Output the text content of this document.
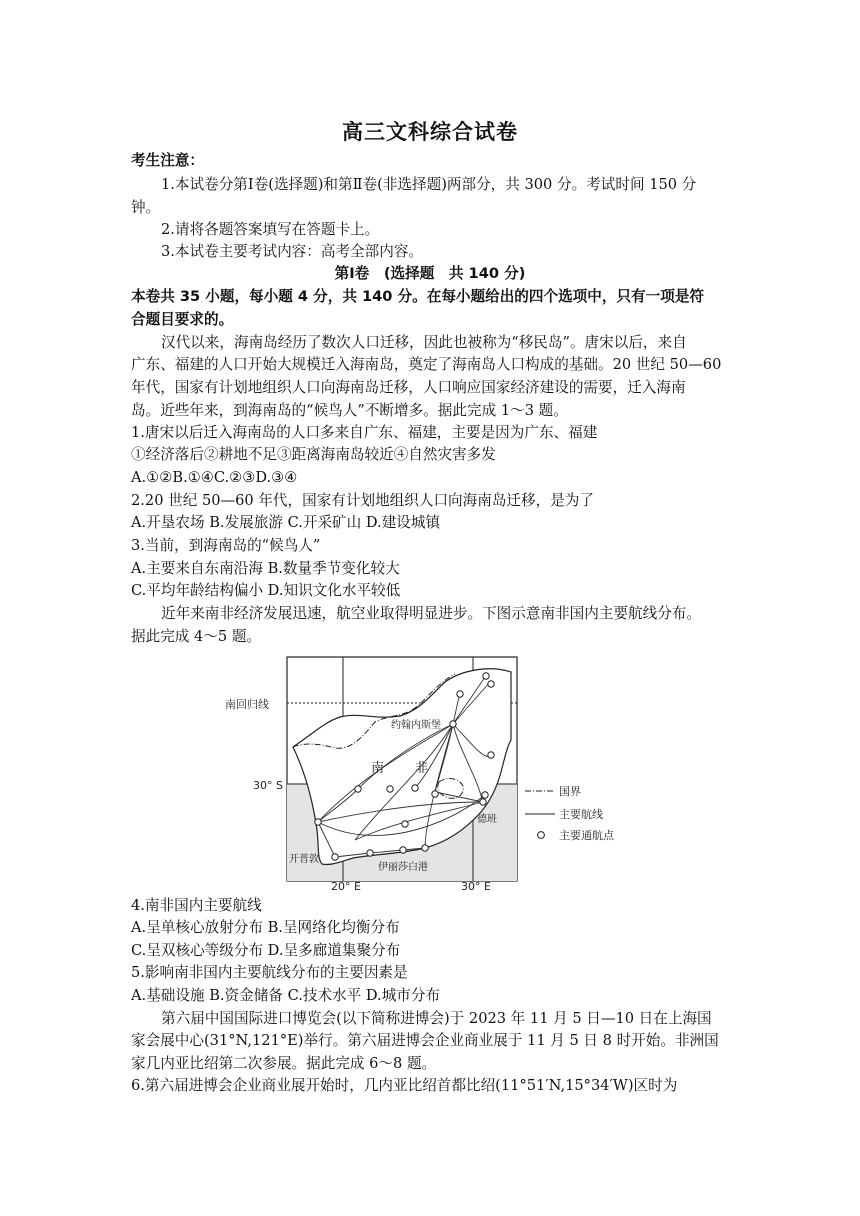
高三文科综合试卷
考生注意：
1.本试卷分第Ⅰ卷(选择题)和第Ⅱ卷(非选择题)两部分，共 300 分。考试时间 150 分
钟。
2.请将各题答案填写在答题卡上。
3.本试卷主要考试内容：高考全部内容。
第Ⅰ卷　(选择题　共 140 分)
本卷共 35 小题，每小题 4 分，共 140 分。在每小题给出的四个选项中，只有一项是符
合题目要求的。
汉代以来，海南岛经历了数次人口迁移，因此也被称为“移民岛”。唐宋以后，来自
广东、福建的人口开始大规模迁入海南岛，奠定了海南岛人口构成的基础。20 世纪 50—60
年代，国家有计划地组织人口向海南岛迁移，人口响应国家经济建设的需要，迁入海南
岛。近些年来，到海南岛的“候鸟人”不断增多。据此完成 1～3 题。
1.唐宋以后迁入海南岛的人口多来自广东、福建，主要是因为广东、福建
①经济落后②耕地不足③距离海南岛较近④自然灾害多发
A.①②B.①④C.②③D.③④
2.20 世纪 50—60 年代，国家有计划地组织人口向海南岛迁移，是为了
A.开垦农场 B.发展旅游 C.开采矿山 D.建设城镇
3.当前，到海南岛的“候鸟人”
A.主要来自东南沿海 B.数量季节变化较大
C.平均年龄结构偏小 D.知识文化水平较低
近年来南非经济发展迅速，航空业取得明显进步。下图示意南非国内主要航线分布。
据此完成 4～5 题。
南回归线
30° S
20° E	30° E
约翰内斯堡
南 非
德班
开普敦
伊丽莎白港
国界
主要航线
主要通航点
4.南非国内主要航线
A.呈单核心放射分布 B.呈网络化均衡分布
C.呈双核心等级分布 D.呈多廊道集聚分布
5.影响南非国内主要航线分布的主要因素是
A.基础设施 B.资金储备 C.技术水平 D.城市分布
第六届中国国际进口博览会(以下简称进博会)于 2023 年 11 月 5 日—10 日在上海国
家会展中心(31°N,121°E)举行。第六届进博会企业商业展于 11 月 5 日 8 时开始。非洲国
家几内亚比绍第二次参展。据此完成 6～8 题。
6.第六届进博会企业商业展开始时，几内亚比绍首都比绍(11°51′N,15°34′W)区时为
